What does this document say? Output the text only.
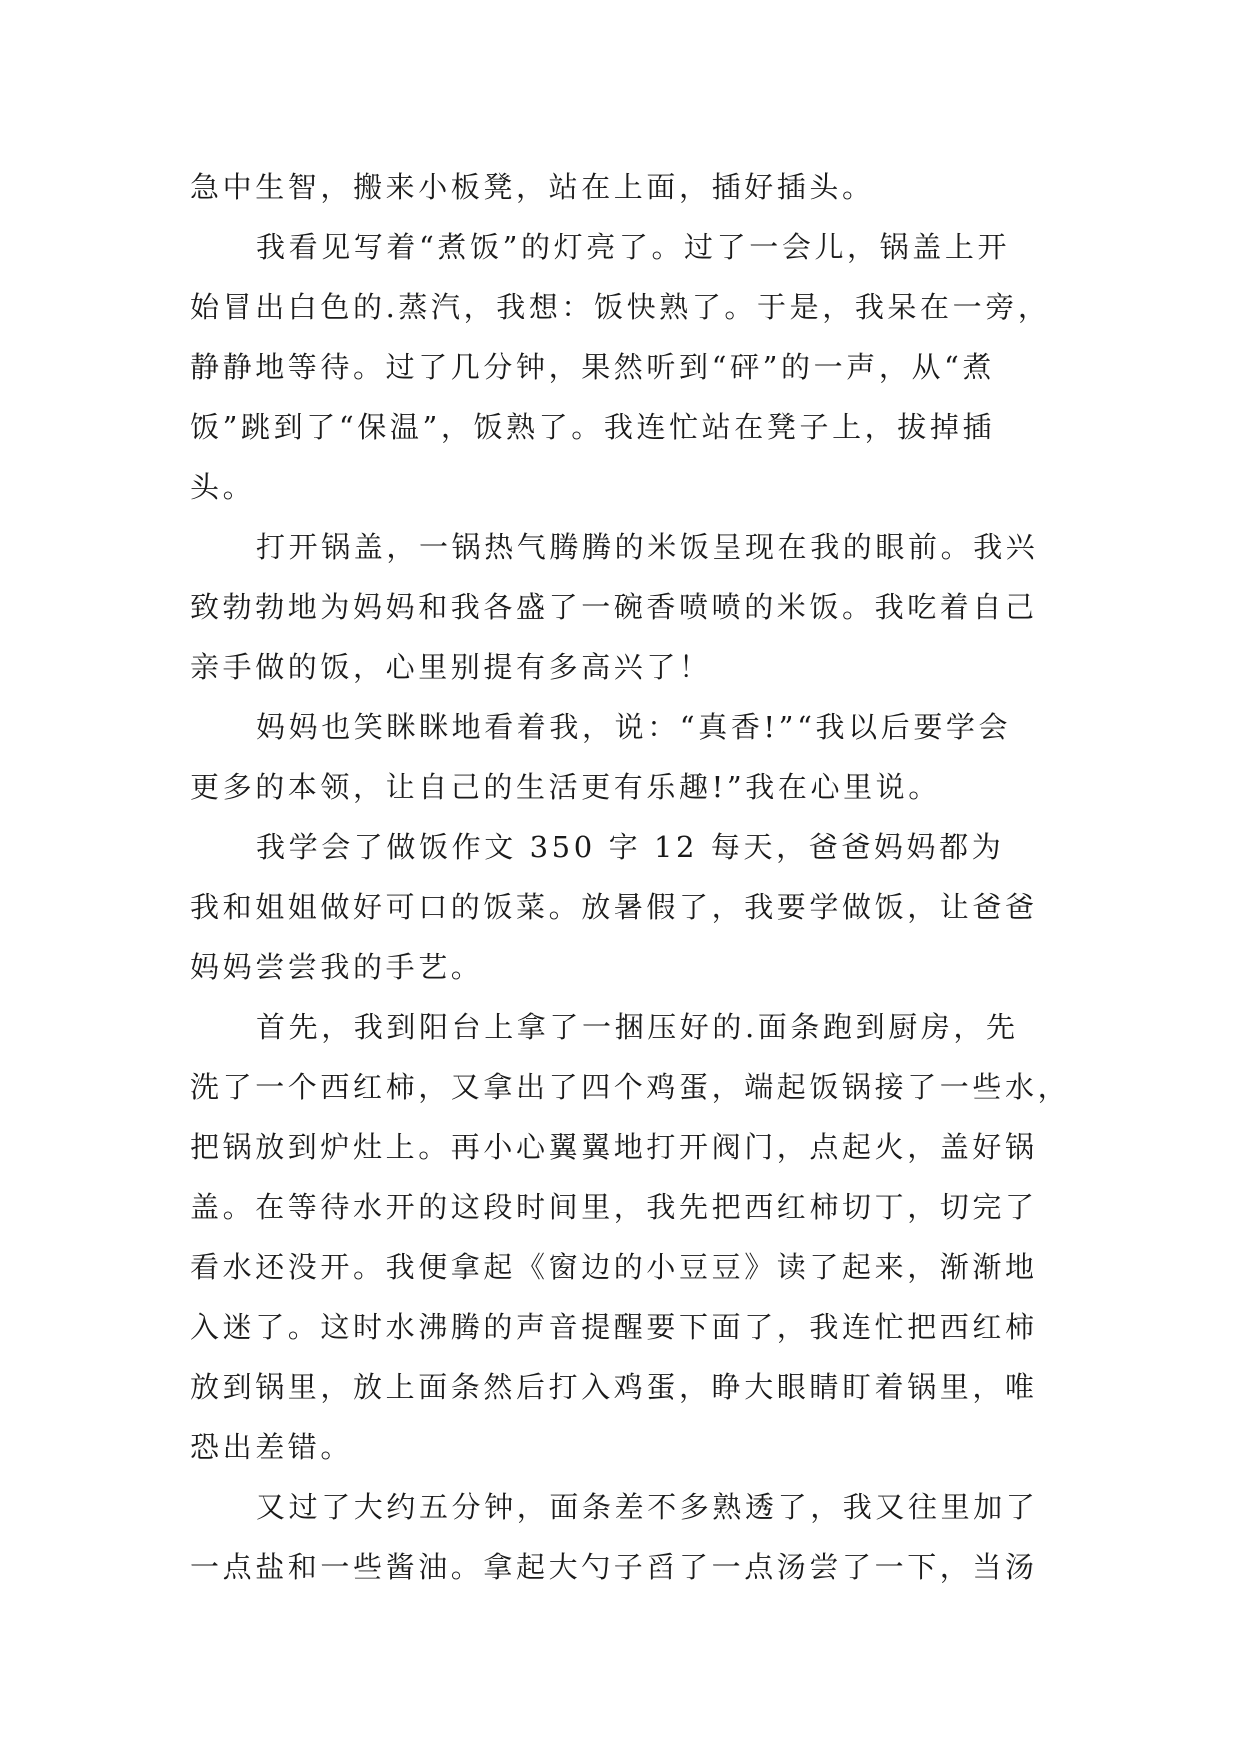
急中生智，搬来小板凳，站在上面，插好插头。
我看见写着“煮饭”的灯亮了。过了一会儿，锅盖上开
始冒出白色的.蒸汽，我想：饭快熟了。于是，我呆在一旁，
静静地等待。过了几分钟，果然听到“砰”的一声，从“煮
饭”跳到了“保温”，饭熟了。我连忙站在凳子上，拔掉插
头。
打开锅盖，一锅热气腾腾的米饭呈现在我的眼前。我兴
致勃勃地为妈妈和我各盛了一碗香喷喷的米饭。我吃着自己
亲手做的饭，心里别提有多高兴了！
妈妈也笑眯眯地看着我，说：“真香!”“我以后要学会
更多的本领，让自己的生活更有乐趣!”我在心里说。
我学会了做饭作文 350 字 12 每天，爸爸妈妈都为
我和姐姐做好可口的饭菜。放暑假了，我要学做饭，让爸爸
妈妈尝尝我的手艺。
首先，我到阳台上拿了一捆压好的.面条跑到厨房，先
洗了一个西红柿，又拿出了四个鸡蛋，端起饭锅接了一些水，
把锅放到炉灶上。再小心翼翼地打开阀门，点起火，盖好锅
盖。在等待水开的这段时间里，我先把西红柿切丁，切完了
看水还没开。我便拿起《窗边的小豆豆》读了起来，渐渐地
入迷了。这时水沸腾的声音提醒要下面了，我连忙把西红柿
放到锅里，放上面条然后打入鸡蛋，睁大眼睛盯着锅里，唯
恐出差错。
又过了大约五分钟，面条差不多熟透了，我又往里加了
一点盐和一些酱油。拿起大勺子舀了一点汤尝了一下，当汤
